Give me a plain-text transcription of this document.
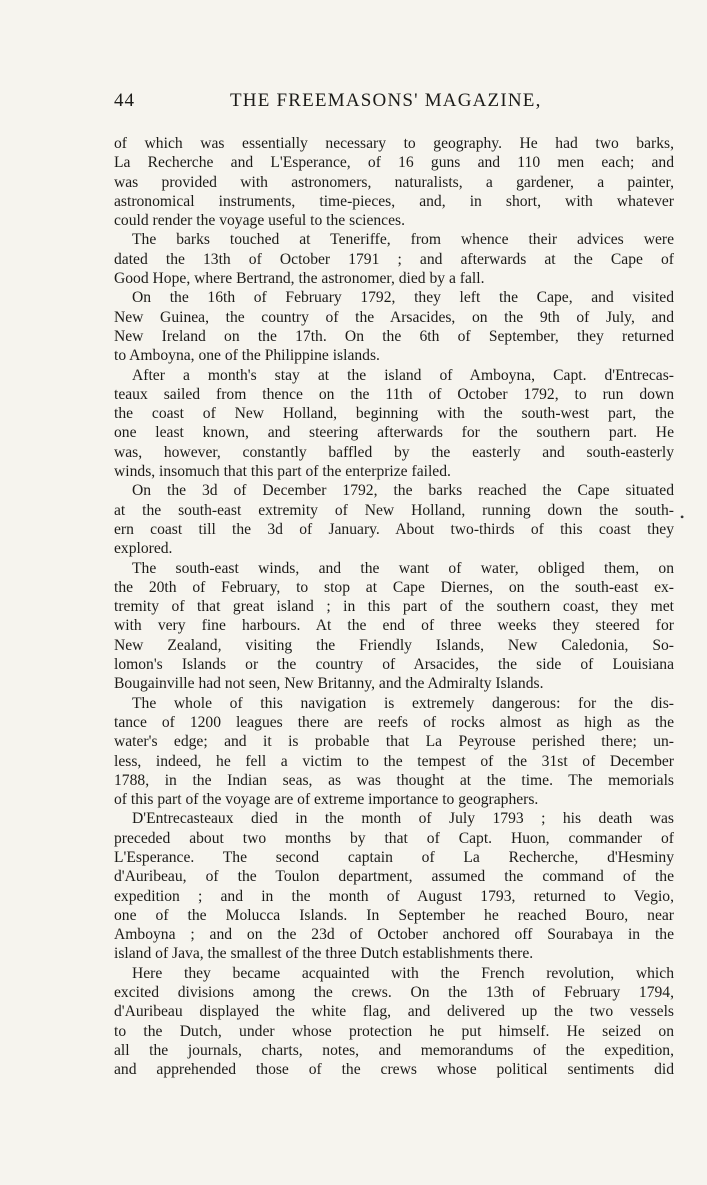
44	THE FREEMASONS' MAGAZINE,
of which was essentially necessary to geography. He had two barks,
La Recherche and L'Esperance, of 16 guns and 110 men each; and
was provided with astronomers, naturalists, a gardener, a painter,
astronomical instruments, time-pieces, and, in short, with whatever
could render the voyage useful to the sciences.
The barks touched at Teneriffe, from whence their advices were
dated the 13th of October 1791 ; and afterwards at the Cape of
Good Hope, where Bertrand, the astronomer, died by a fall.
On the 16th of February 1792, they left the Cape, and visited
New Guinea, the country of the Arsacides, on the 9th of July, and
New Ireland on the 17th. On the 6th of September, they returned
to Amboyna, one of the Philippine islands.
After a month's stay at the island of Amboyna, Capt. d'Entrecas-
teaux sailed from thence on the 11th of October 1792, to run down
the coast of New Holland, beginning with the south-west part, the
one least known, and steering afterwards for the southern part. He
was, however, constantly baffled by the easterly and south-easterly
winds, insomuch that this part of the enterprize failed.
On the 3d of December 1792, the barks reached the Cape situated
at the south-east extremity of New Holland, running down the south-
ern coast till the 3d of January. About two-thirds of this coast they
explored.
The south-east winds, and the want of water, obliged them, on
the 20th of February, to stop at Cape Diernes, on the south-east ex-
tremity of that great island ; in this part of the southern coast, they met
with very fine harbours. At the end of three weeks they steered for
New Zealand, visiting the Friendly Islands, New Caledonia, So-
lomon's Islands or the country of Arsacides, the side of Louisiana
Bougainville had not seen, New Britanny, and the Admiralty Islands.
The whole of this navigation is extremely dangerous: for the dis-
tance of 1200 leagues there are reefs of rocks almost as high as the
water's edge; and it is probable that La Peyrouse perished there; un-
less, indeed, he fell a victim to the tempest of the 31st of December
1788, in the Indian seas, as was thought at the time. The memorials
of this part of the voyage are of extreme importance to geographers.
D'Entrecasteaux died in the month of July 1793 ; his death was
preceded about two months by that of Capt. Huon, commander of
L'Esperance. The second captain of La Recherche, d'Hesminy
d'Auribeau, of the Toulon department, assumed the command of the
expedition ; and in the month of August 1793, returned to Vegio,
one of the Molucca Islands. In September he reached Bouro, near
Amboyna ; and on the 23d of October anchored off Sourabaya in the
island of Java, the smallest of the three Dutch establishments there.
Here they became acquainted with the French revolution, which
excited divisions among the crews. On the 13th of February 1794,
d'Auribeau displayed the white flag, and delivered up the two vessels
to the Dutch, under whose protection he put himself. He seized on
all the journals, charts, notes, and memorandums of the expedition,
and apprehended those of the crews whose political sentiments did
•
